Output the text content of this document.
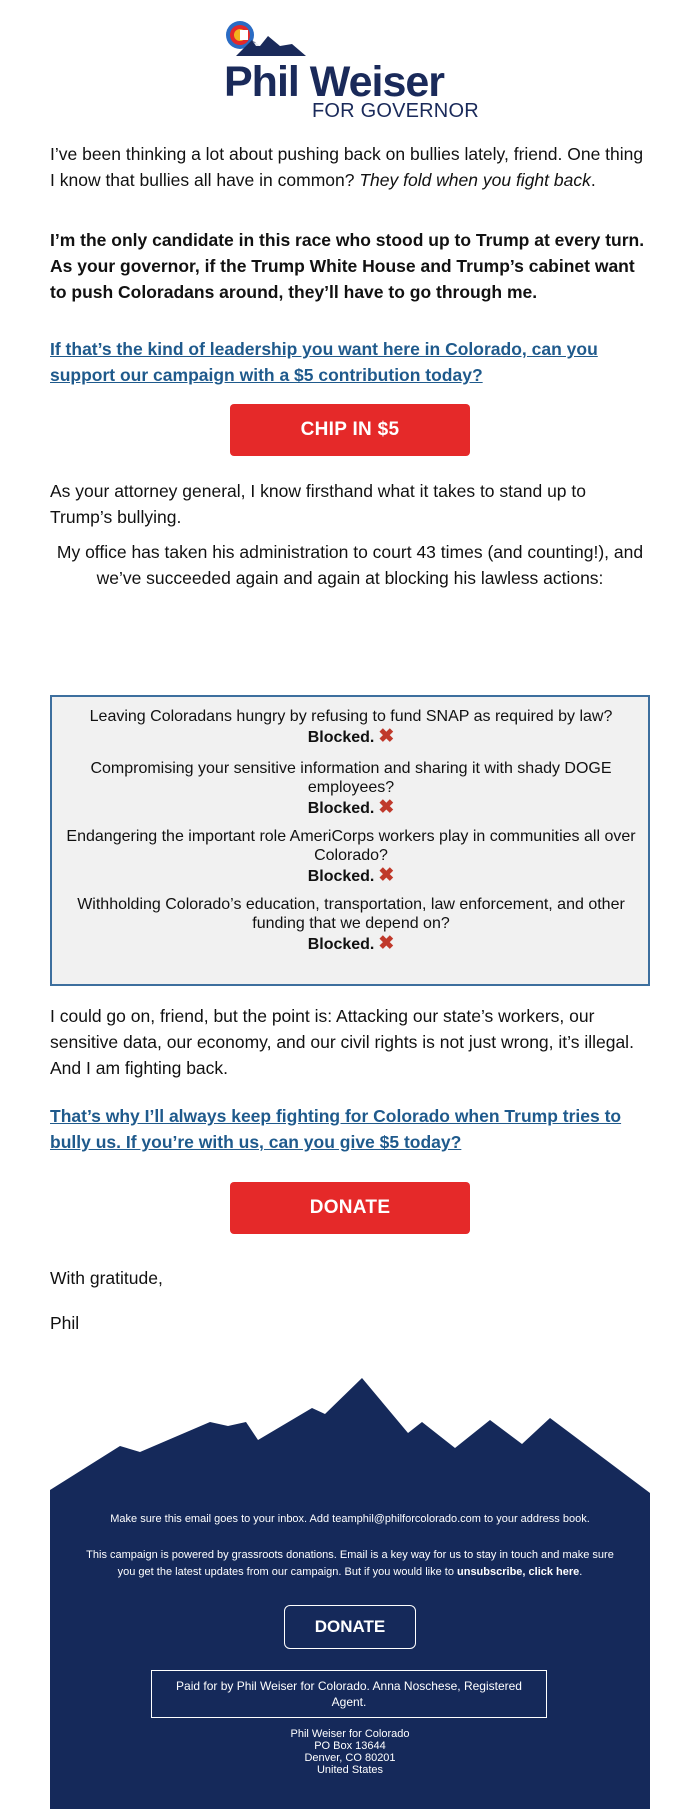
Phil Weiser
FOR GOVERNOR
I’ve been thinking a lot about pushing back on bullies lately, friend. One thing I know that bullies all have in common? They fold when you fight back.
I’m the only candidate in this race who stood up to Trump at every turn. As your governor, if the Trump White House and Trump’s cabinet want to push Coloradans around, they’ll have to go through me.
If that’s the kind of leadership you want here in Colorado, can you support our campaign with a $5 contribution today?
CHIP IN $5
As your attorney general, I know firsthand what it takes to stand up to Trump’s bullying.
My office has taken his administration to court 43 times (and counting!), and we’ve succeeded again and again at blocking his lawless actions:
Leaving Coloradans hungry by refusing to fund SNAP as required by law?
Blocked. ✖
Compromising your sensitive information and sharing it with shady DOGE employees?
Blocked. ✖
Endangering the important role AmeriCorps workers play in communities all over Colorado?
Blocked. ✖
Withholding Colorado’s education, transportation, law enforcement, and other funding that we depend on?
Blocked. ✖
I could go on, friend, but the point is: Attacking our state’s workers, our sensitive data, our economy, and our civil rights is not just wrong, it’s illegal. And I am fighting back.
That’s why I’ll always keep fighting for Colorado when Trump tries to bully us. If you’re with us, can you give $5 today?
DONATE
With gratitude,
Phil
Make sure this email goes to your inbox. Add teamphil@philforcolorado.com to your address book.
This campaign is powered by grassroots donations. Email is a key way for us to stay in touch and make sure you get the latest updates from our campaign. But if you would like to unsubscribe, click here.
DONATE
Paid for by Phil Weiser for Colorado. Anna Noschese, Registered Agent.
Phil Weiser for Colorado
PO Box 13644
Denver, CO 80201
United States
